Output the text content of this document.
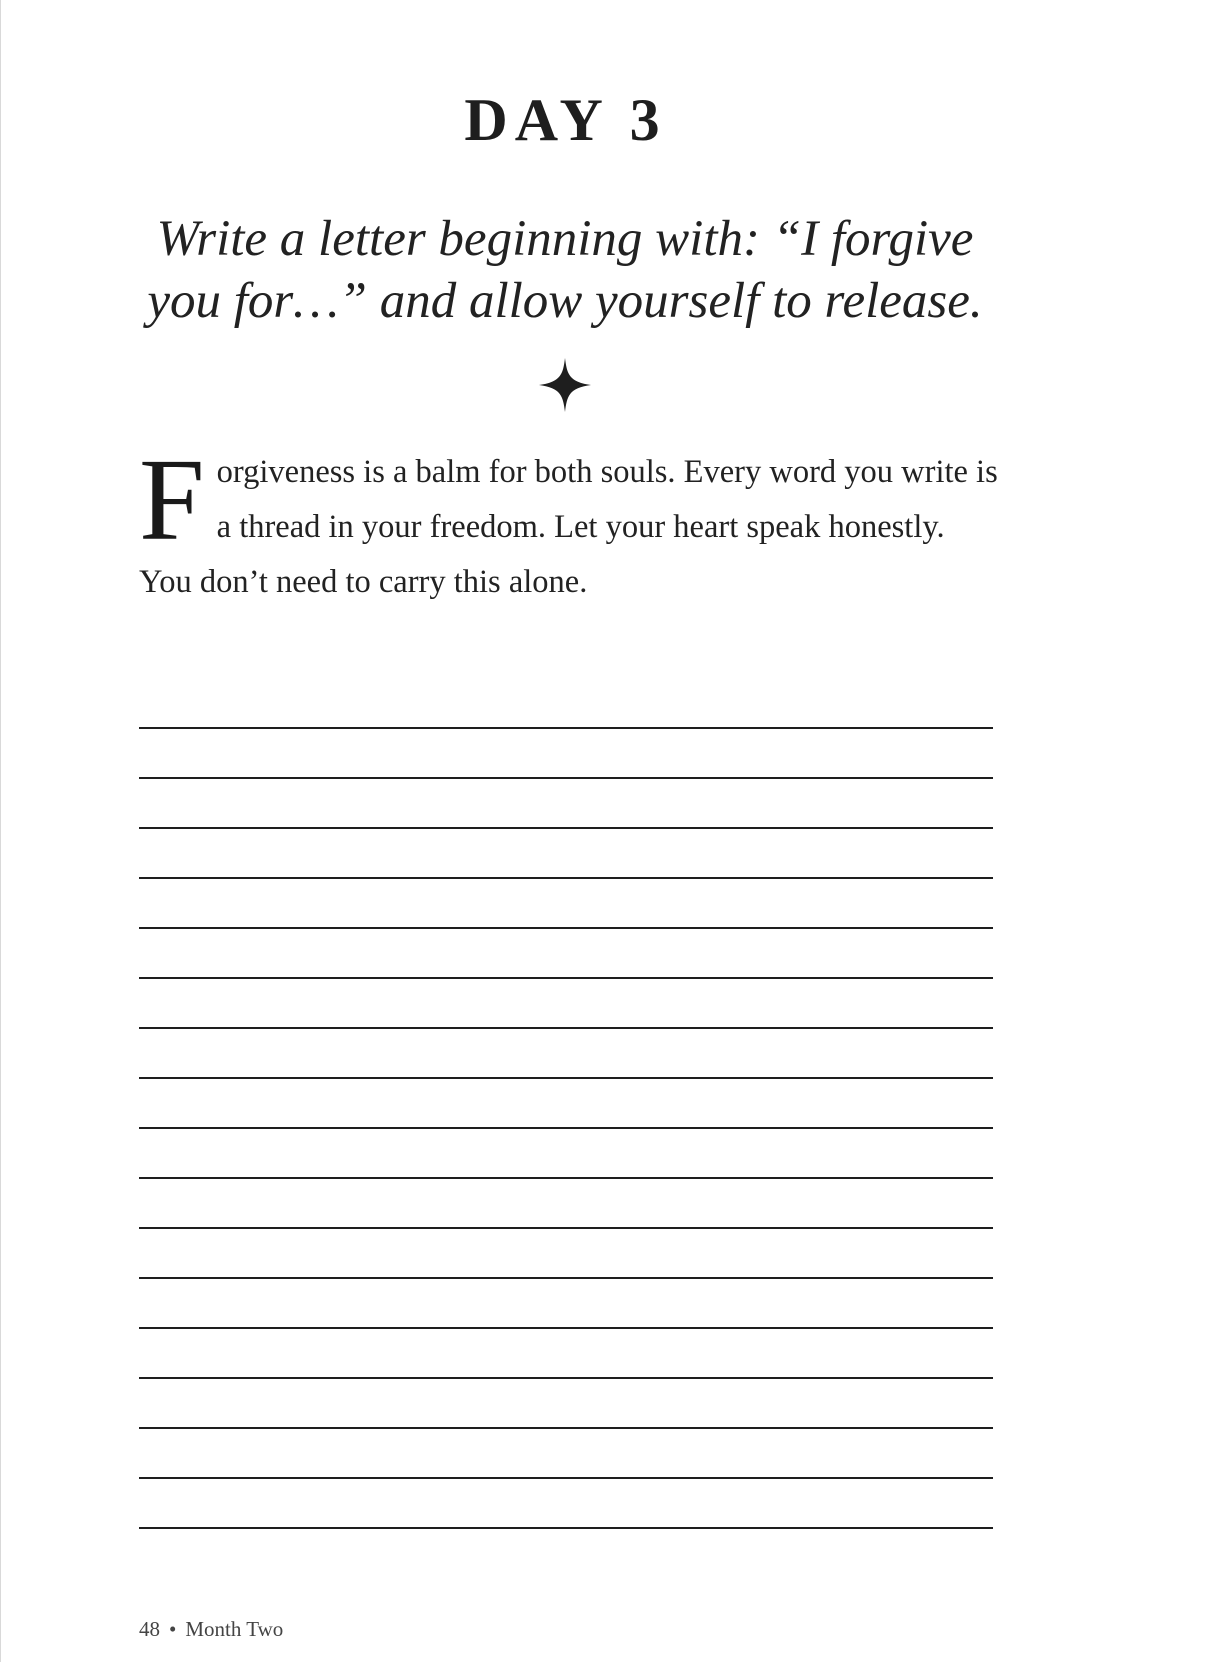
DAY 3
Write a letter beginning with: “I forgive you for…” and allow yourself to release.
F orgiveness is a balm for both souls. Every word you write is a thread in your freedom. Let your heart speak honestly. You don’t need to carry this alone.
48 • Month Two
